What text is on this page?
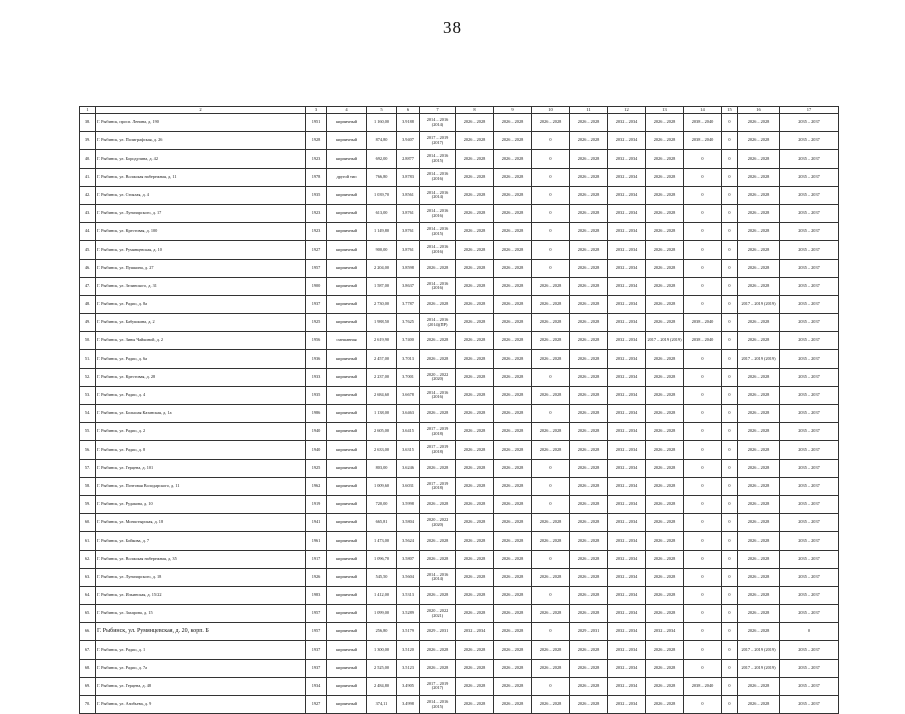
38
1	2	3	4	5	6	7	8	9	10	11	12	13	14	15	16	17
38.	Г. Рыбинск, просп. Ленина, д. 190	1951	кирпичный	1 160,00	3.9188	2014 – 2016 (2014)	2026 – 2028	2026 – 2028	2026 – 2028	2026 – 2028	2032 – 2034	2026 – 2028	2038 – 2040	0	2026 – 2028	2035 – 2037
39.	Г. Рыбинск, ул. Полиграфская, д. 26	1928	кирпичный	874,80	3.9407	2017 – 2019 (2017)	2026 – 2028	2026 – 2028	0	2026 – 2028	2032 – 2034	2026 – 2028	2038 – 2040	0	2026 – 2028	2035 – 2037
40.	Г. Рыбинск, ул. Бородулина, д. 42	1923	кирпичный	692,00	2.8877	2014 – 2016 (2015)	2026 – 2028	2026 – 2028	0	2026 – 2028	2032 – 2034	2026 – 2028	0	0	2026 – 2028	2035 – 2037
41.	Г. Рыбинск, ул. Волжская набережная, д. 11	1978	другой тип	766,80	3.8783	2014 – 2016 (2016)	2026 – 2028	2026 – 2028	0	2026 – 2028	2032 – 2034	2026 – 2028	0	0	2026 – 2028	2035 – 2037
42.	Г. Рыбинск, ул. Стоялая, д. 4	1935	кирпичный	1 039,70	3.8561	2014 – 2016 (2014)	2026 – 2028	2026 – 2028	0	2026 – 2028	2032 – 2034	2026 – 2028	0	0	2026 – 2028	2035 – 2037
43.	Г. Рыбинск, ул. Луначарского, д. 17	1923	кирпичный	613,00	3.8761	2014 – 2016 (2016)	2026 – 2028	2026 – 2028	0	2026 – 2028	2032 – 2034	2026 – 2028	0	0	2026 – 2028	2035 – 2037
44.	Г. Рыбинск, ул. Крестовая, д. 100	1923	кирпичный	1 149,80	3.8761	2014 – 2016 (2015)	2026 – 2028	2026 – 2028	0	2026 – 2028	2032 – 2034	2026 – 2028	0	0	2026 – 2028	2035 – 2037
45.	Г. Рыбинск, ул. Румянцевская, д. 10	1927	кирпичный	900,00	3.8761	2014 – 2016 (2016)	2026 – 2028	2026 – 2028	0	2026 – 2028	2032 – 2034	2026 – 2028	0	0	2026 – 2028	2035 – 2037
46.	Г. Рыбинск, ул. Пушкина, д. 27	1957	кирпичный	2 204,00	3.8598	2026 – 2028	2026 – 2028	2026 – 2028	0	2026 – 2028	2032 – 2034	2026 – 2028	0	0	2026 – 2028	2035 – 2037
47.	Г. Рыбинск, ул. Зелинского, д. 31	1900	кирпичный	1 587,00	3.8637	2014 – 2016 (2016)	2026 – 2028	2026 – 2028	2026 – 2028	2026 – 2028	2032 – 2034	2026 – 2028	0	0	2026 – 2028	2035 – 2037
48.	Г. Рыбинск, ул. Радио, д. 8а	1937	кирпичный	2 730,00	3.7787	2026 – 2028	2026 – 2028	2026 – 2028	2026 – 2028	2026 – 2028	2032 – 2034	2026 – 2028	0	0	2017 – 2019 (2019)	2035 – 2037
49.	Г. Рыбинск, ул. Бабушкина, д. 2	1925	кирпичный	1 988,50	3.7625	2014 – 2016 (2014)(ПР)	2026 – 2028	2026 – 2028	2026 – 2028	2026 – 2028	2032 – 2034	2026 – 2028	2038 – 2040	0	2026 – 2028	2035 – 2037
50.	Г. Рыбинск, ул. Зины Чайкиной, д. 2	1956	смешанная	2 619,90	3.7400	2026 – 2028	2026 – 2028	2026 – 2028	2026 – 2028	2026 – 2028	2032 – 2034	2017 – 2019 (2019)	2038 – 2040	0	2026 – 2028	2035 – 2037
51.	Г. Рыбинск, ул. Радио, д. 6а	1936	кирпичный	2 457,00	3.7013	2026 – 2028	2026 – 2028	2026 – 2028	2026 – 2028	2026 – 2028	2032 – 2034	2026 – 2028	0	0	2017 – 2019 (2019)	2035 – 2037
52.	Г. Рыбинск, ул. Крестовая, д. 28	1933	кирпичный	2 237,00	3.7001	2020 – 2022 (2020)	2026 – 2028	2026 – 2028	0	2026 – 2028	2032 – 2034	2026 – 2028	0	0	2026 – 2028	2035 – 2037
53.	Г. Рыбинск, ул. Радио, д. 4	1935	кирпичный	2 684,60	3.6678	2014 – 2016 (2016)	2026 – 2028	2026 – 2028	2026 – 2028	2026 – 2028	2032 – 2034	2026 – 2028	0	0	2026 – 2028	2035 – 2037
54.	Г. Рыбинск, ул. Большая Казанская, д. 1а	1986	кирпичный	1 138,00	3.6463	2026 – 2028	2026 – 2028	2026 – 2028	0	2026 – 2028	2032 – 2034	2026 – 2028	0	0	2026 – 2028	2035 – 2037
55.	Г. Рыбинск, ул. Радио, д. 2	1940	кирпичный	2 605,00	3.6415	2017 – 2019 (2018)	2026 – 2028	2026 – 2028	2026 – 2028	2026 – 2028	2032 – 2034	2026 – 2028	0	0	2026 – 2028	2035 – 2037
56.	Г. Рыбинск, ул. Радио, д. 8	1940	кирпичный	2 633,00	3.6315	2017 – 2019 (2018)	2026 – 2028	2026 – 2028	2026 – 2028	2026 – 2028	2032 – 2034	2026 – 2028	0	0	2026 – 2028	2035 – 2037
57.	Г. Рыбинск, ул. Герцена, д. 101	1925	кирпичный	803,00	3.6246	2026 – 2028	2026 – 2028	2026 – 2028	0	2026 – 2028	2032 – 2034	2026 – 2028	0	0	2026 – 2028	2035 – 2037
58.	Г. Рыбинск, ул. Почтовая Володарского, д. 11	1962	кирпичный	1 009,60	3.6031	2017 – 2019 (2018)	2026 – 2028	2026 – 2028	0	2026 – 2028	2032 – 2034	2026 – 2028	0	0	2026 – 2028	2035 – 2037
59.	Г. Рыбинск, ул. Рудакова, д. 10	1919	кирпичный	720,00	3.5998	2026 – 2028	2026 – 2028	2026 – 2028	0	2026 – 2028	2032 – 2034	2026 – 2028	0	0	2026 – 2028	2035 – 2037
60.	Г. Рыбинск, ул. Монастырская, д. 18	1941	кирпичный	665,81	3.5804	2020 – 2022 (2020)	2026 – 2028	2026 – 2028	2026 – 2028	2026 – 2028	2032 – 2034	2026 – 2028	0	0	2026 – 2028	2035 – 2037
61.	Г. Рыбинск, ул. Бойкова, д. 7	1961	кирпичный	1 473,00	3.5624	2026 – 2028	2026 – 2028	2026 – 2028	2026 – 2028	2026 – 2028	2032 – 2034	2026 – 2028	0	0	2026 – 2028	2035 – 2037
62.	Г. Рыбинск, ул. Волжская набережная, д. 35	1917	кирпичный	1 096,70	3.5807	2026 – 2028	2026 – 2028	2026 – 2028	0	2026 – 2028	2032 – 2034	2026 – 2028	0	0	2026 – 2028	2035 – 2037
63.	Г. Рыбинск, ул. Луначарского, д. 18	1926	кирпичный	545,50	3.5604	2014 – 2016 (2014)	2026 – 2028	2026 – 2028	2026 – 2028	2026 – 2028	2032 – 2034	2026 – 2028	0	0	2026 – 2028	2035 – 2037
64.	Г. Рыбинск, ул. Ильинская, д. 15/22	1983	кирпичный	1 412,00	3.5313	2026 – 2028	2026 – 2028	2026 – 2028	0	2026 – 2028	2032 – 2034	2026 – 2028	0	0	2026 – 2028	2035 – 2037
65.	Г. Рыбинск, ул. Захарова, д. 15	1957	кирпичный	1 099,00	3.5289	2020 – 2022 (2021)	2026 – 2028	2026 – 2028	2026 – 2028	2026 – 2028	2032 – 2034	2026 – 2028	0	0	2026 – 2028	2035 – 2037
66.	Г. Рыбинск, ул. Румянцевская, д. 20, корп. Б	1957	кирпичный	256,80	3.5179	2029 – 2031	2032 – 2034	2026 – 2028	0	2029 – 2031	2032 – 2034	2032 – 2034	0	0	2026 – 2028	0
67.	Г. Рыбинск, ул. Радио, д. 1	1937	кирпичный	1 300,00	3.5120	2026 – 2028	2026 – 2028	2026 – 2028	2026 – 2028	2026 – 2028	2032 – 2034	2026 – 2028	0	0	2017 – 2019 (2019)	2035 – 2037
68.	Г. Рыбинск, ул. Радио, д. 7а	1937	кирпичный	2 525,00	3.5123	2026 – 2028	2026 – 2028	2026 – 2028	2026 – 2028	2026 – 2028	2032 – 2034	2026 – 2028	0	0	2017 – 2019 (2019)	2035 – 2037
69.	Г. Рыбинск, ул. Герцена, д. 48	1934	кирпичный	2 484,80	3.4905	2017 – 2019 (2017)	2026 – 2028	2026 – 2028	0	2026 – 2028	2032 – 2034	2026 – 2028	2038 – 2040	0	2026 – 2028	2035 – 2037
70.	Г. Рыбинск, ул. Азибьева, д. 9	1927	кирпичный	374,11	3.4998	2014 – 2016 (2015)	2026 – 2028	2026 – 2028	2026 – 2028	2026 – 2028	2032 – 2034	2026 – 2028	0	0	2026 – 2028	2035 – 2037
